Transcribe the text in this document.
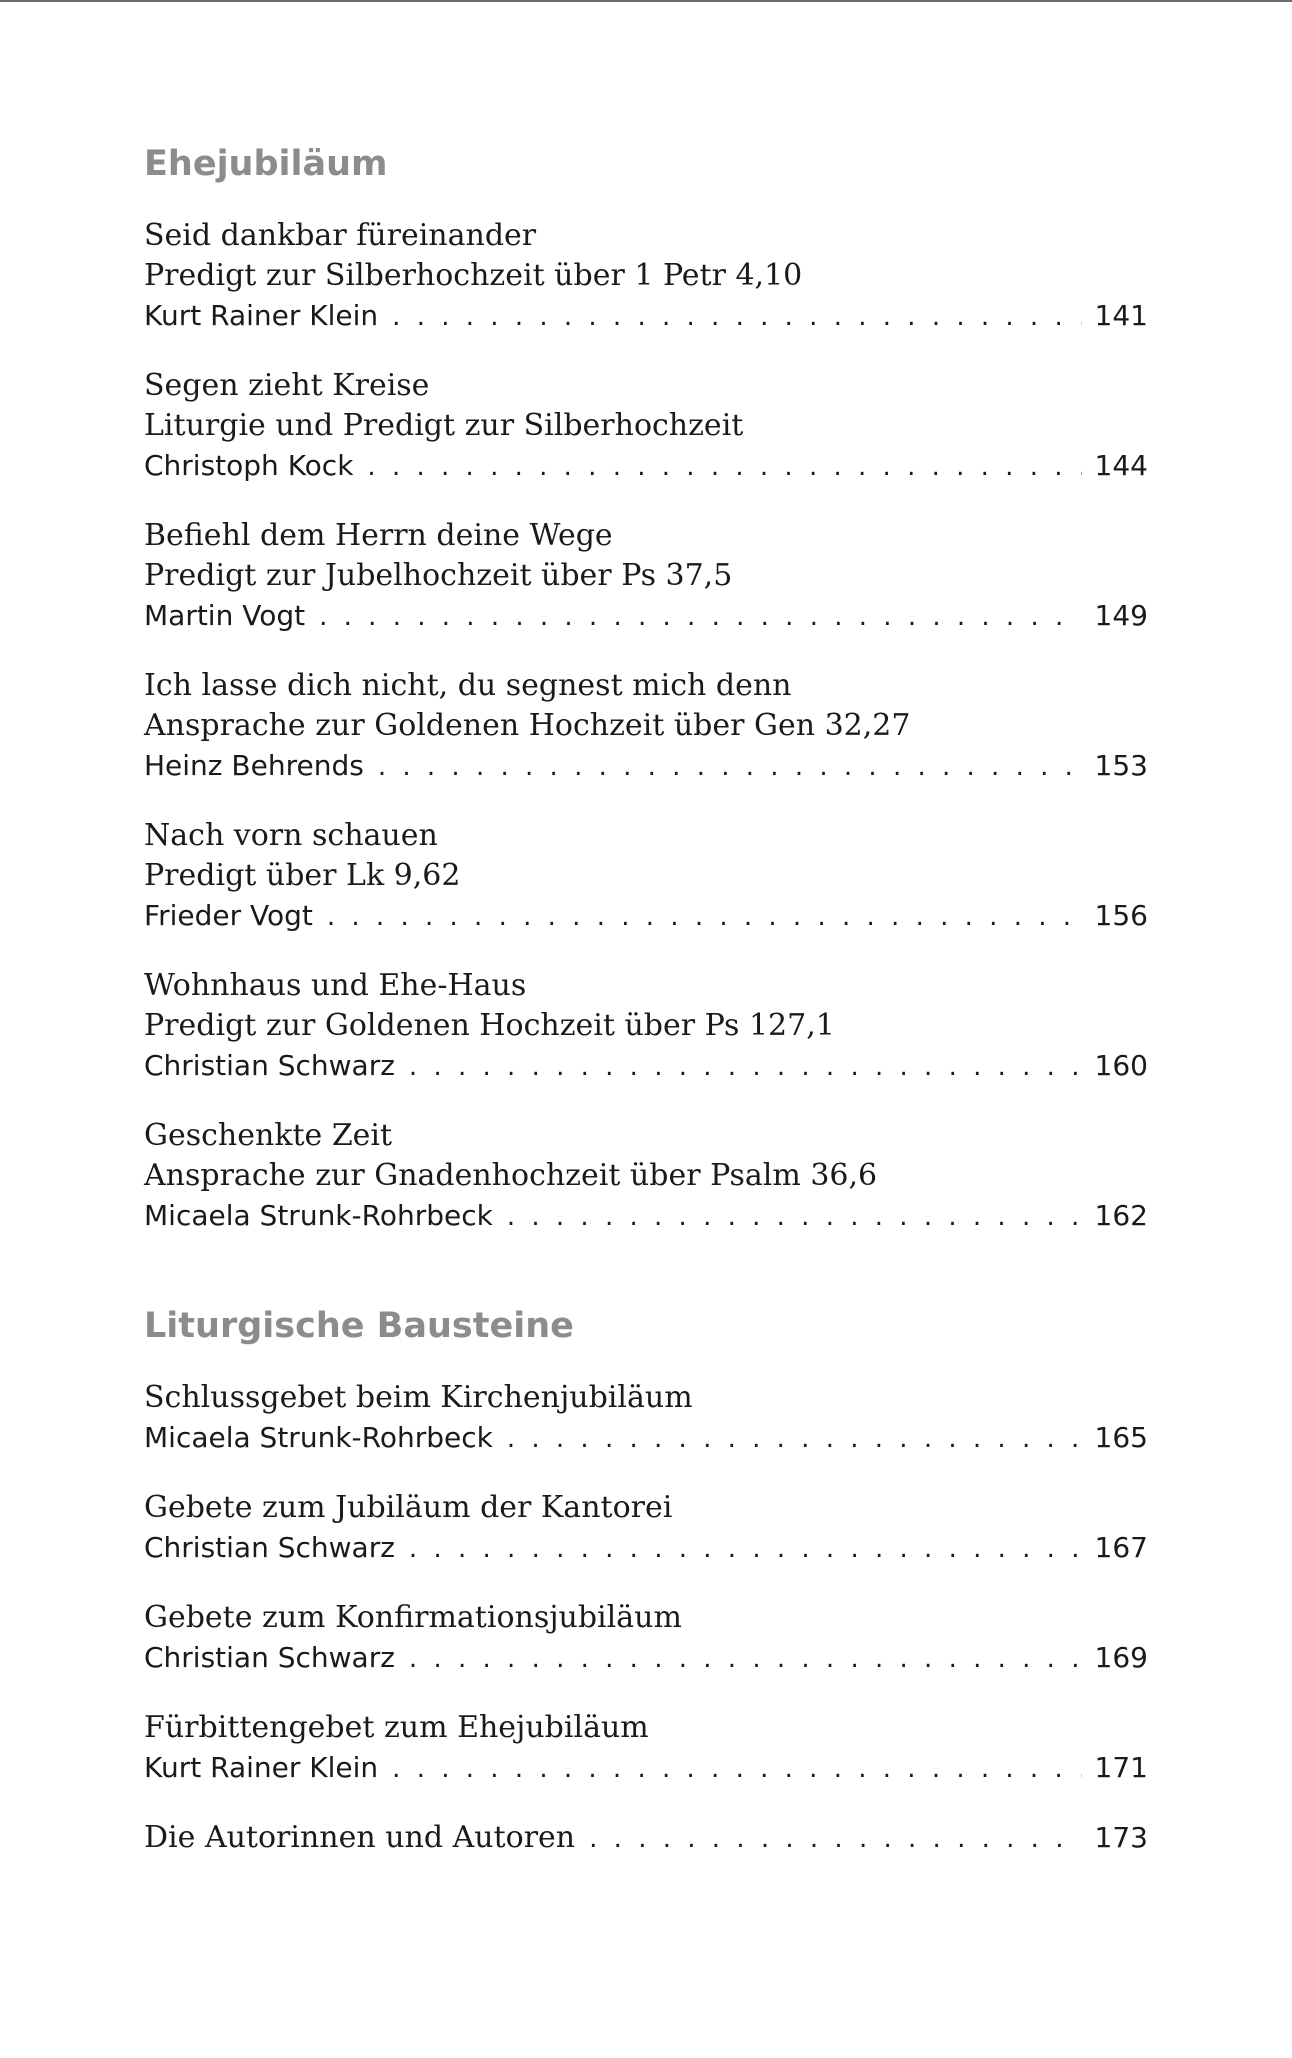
Ehejubiläum
Seid dankbar füreinander
Predigt zur Silberhochzeit über 1 Petr 4,10
Kurt Rainer Klein . . .	141
Segen zieht Kreise
Liturgie und Predigt zur Silberhochzeit
Christoph Kock . . .	144
Befiehl dem Herrn deine Wege
Predigt zur Jubelhochzeit über Ps 37,5
Martin Vogt . . .	149
Ich lasse dich nicht, du segnest mich denn
Ansprache zur Goldenen Hochzeit über Gen 32,27
Heinz Behrends . . .	153
Nach vorn schauen
Predigt über Lk 9,62
Frieder Vogt . . .	156
Wohnhaus und Ehe-Haus
Predigt zur Goldenen Hochzeit über Ps 127,1
Christian Schwarz . . .	160
Geschenkte Zeit
Ansprache zur Gnadenhochzeit über Psalm 36,6
Micaela Strunk-Rohrbeck . . .	162
Liturgische Bausteine
Schlussgebet beim Kirchenjubiläum
Micaela Strunk-Rohrbeck . . .	165
Gebete zum Jubiläum der Kantorei
Christian Schwarz . . .	167
Gebete zum Konfirmationsjubiläum
Christian Schwarz . . .	169
Fürbittengebet zum Ehejubiläum
Kurt Rainer Klein . . .	171
Die Autorinnen und Autoren . . .	173
